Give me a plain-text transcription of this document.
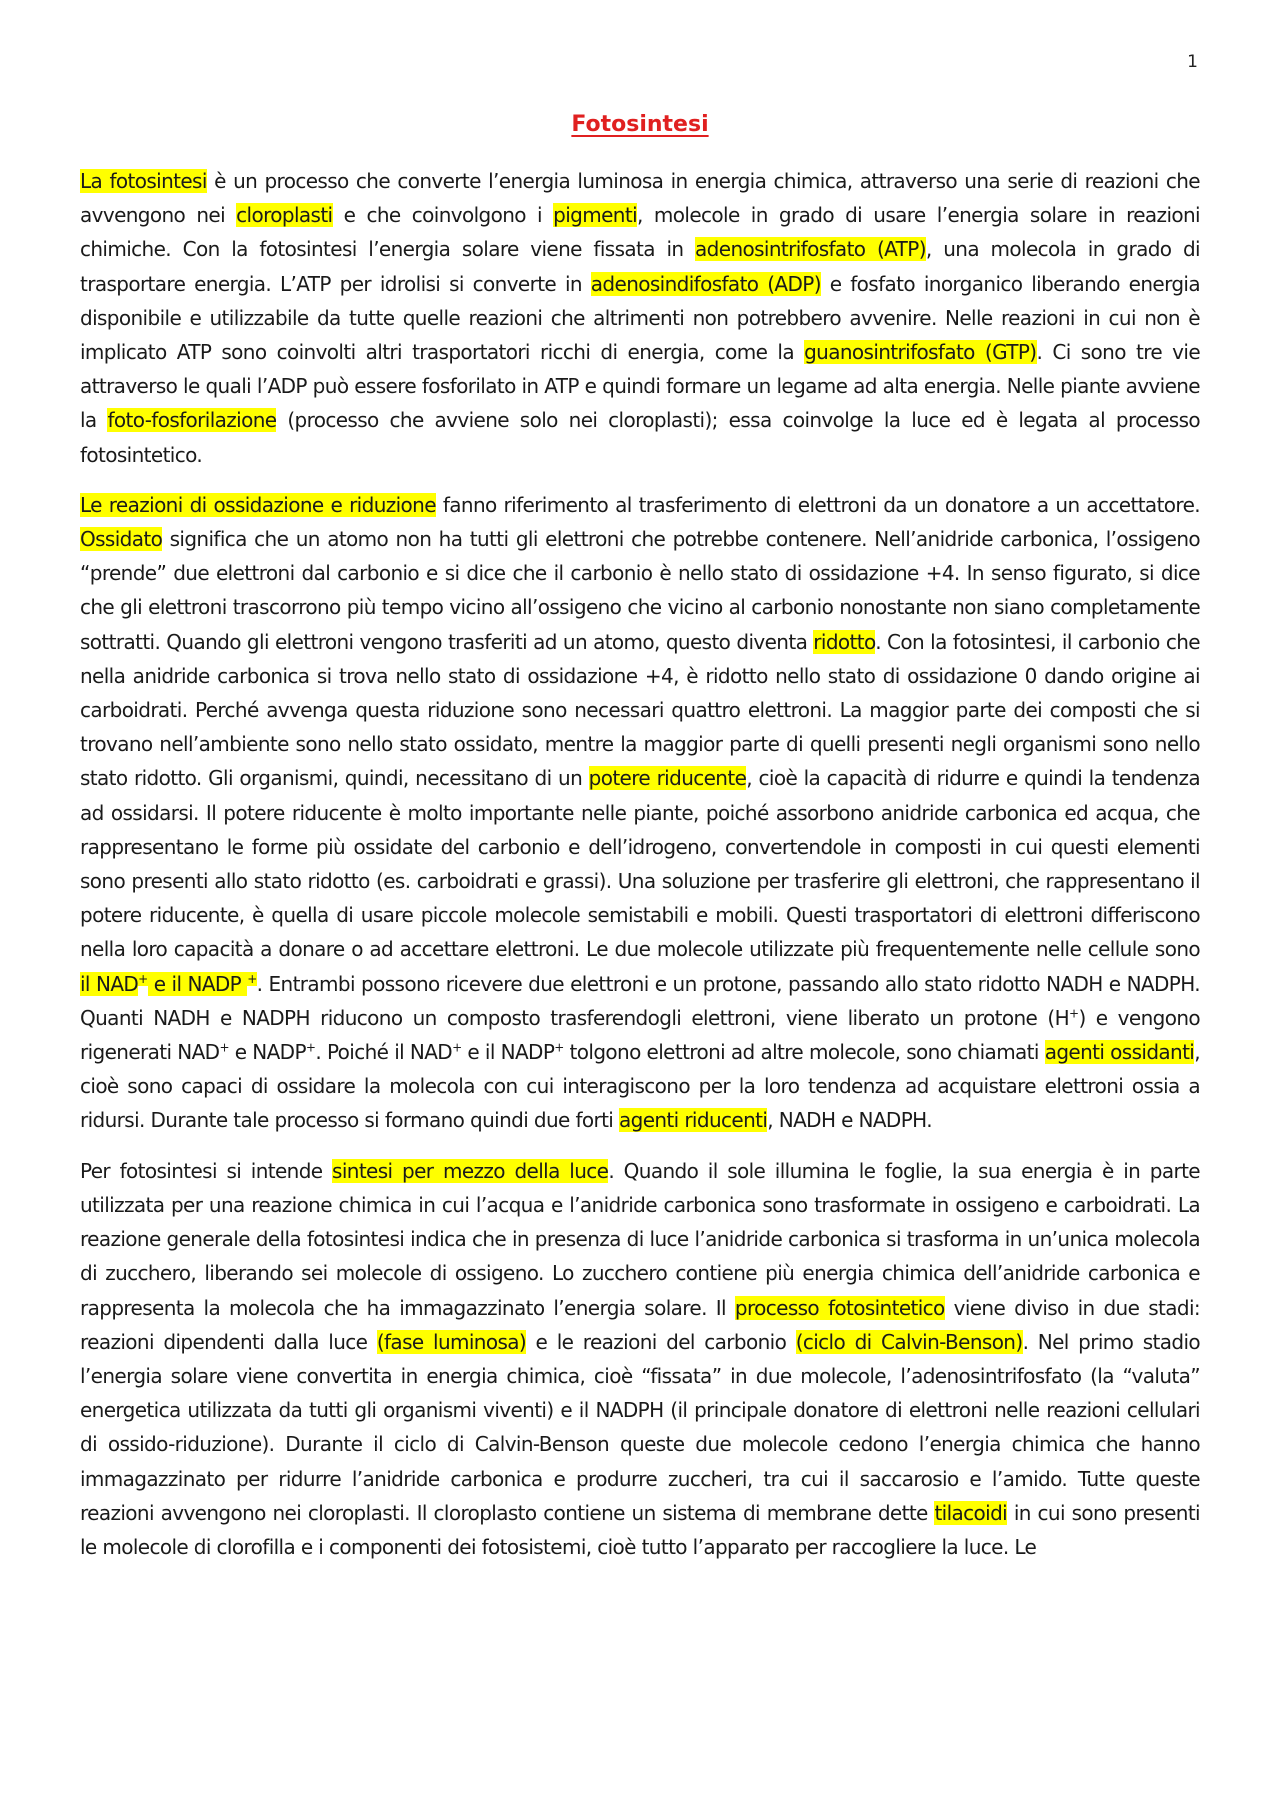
1
Fotosintesi

La fotosintesi è un processo che converte l’energia luminosa in energia chimica, attraverso una serie di reazioni che avvengono nei cloroplasti e che coinvolgono i pigmenti, molecole in grado di usare l’energia solare in reazioni chimiche. Con la fotosintesi l’energia solare viene fissata in adenosintrifosfato (ATP), una molecola in grado di trasportare energia. L’ATP per idrolisi si converte in adenosindifosfato (ADP) e fosfato inorganico liberando energia disponibile e utilizzabile da tutte quelle reazioni che altrimenti non potrebbero avvenire. Nelle reazioni in cui non è implicato ATP sono coinvolti altri trasportatori ricchi di energia, come la guanosintrifosfato (GTP). Ci sono tre vie attraverso le quali l’ADP può essere fosforilato in ATP e quindi formare un legame ad alta energia. Nelle piante avviene la foto-fosforilazione (processo che avviene solo nei cloroplasti); essa coinvolge la luce ed è legata al processo fotosintetico.

Le reazioni di ossidazione e riduzione fanno riferimento al trasferimento di elettroni da un donatore a un accettatore. Ossidato significa che un atomo non ha tutti gli elettroni che potrebbe contenere. Nell’anidride carbonica, l’ossigeno “prende” due elettroni dal carbonio e si dice che il carbonio è nello stato di ossidazione +4. In senso figurato, si dice che gli elettroni trascorrono più tempo vicino all’ossigeno che vicino al carbonio nonostante non siano completamente sottratti. Quando gli elettroni vengono trasferiti ad un atomo, questo diventa ridotto. Con la fotosintesi, il carbonio che nella anidride carbonica si trova nello stato di ossidazione +4, è ridotto nello stato di ossidazione 0 dando origine ai carboidrati. Perché avvenga questa riduzione sono necessari quattro elettroni. La maggior parte dei composti che si trovano nell’ambiente sono nello stato ossidato, mentre la maggior parte di quelli presenti negli organismi sono nello stato ridotto. Gli organismi, quindi, necessitano di un potere riducente, cioè la capacità di ridurre e quindi la tendenza ad ossidarsi. Il potere riducente è molto importante nelle piante, poiché assorbono anidride carbonica ed acqua, che rappresentano le forme più ossidate del carbonio e dell’idrogeno, convertendole in composti in cui questi elementi sono presenti allo stato ridotto (es. carboidrati e grassi). Una soluzione per trasferire gli elettroni, che rappresentano il potere riducente, è quella di usare piccole molecole semistabili e mobili. Questi trasportatori di elettroni differiscono nella loro capacità a donare o ad accettare elettroni. Le due molecole utilizzate più frequentemente nelle cellule sono il NAD+ e il NADP +. Entrambi possono ricevere due elettroni e un protone, passando allo stato ridotto NADH e NADPH. Quanti NADH e NADPH riducono un composto trasferendogli elettroni, viene liberato un protone (H+) e vengono rigenerati NAD+ e NADP+. Poiché il NAD+ e il NADP+ tolgono elettroni ad altre molecole, sono chiamati agenti ossidanti, cioè sono capaci di ossidare la molecola con cui interagiscono per la loro tendenza ad acquistare elettroni ossia a ridursi. Durante tale processo si formano quindi due forti agenti riducenti, NADH e NADPH.

Per fotosintesi si intende sintesi per mezzo della luce. Quando il sole illumina le foglie, la sua energia è in parte utilizzata per una reazione chimica in cui l’acqua e l’anidride carbonica sono trasformate in ossigeno e carboidrati. La reazione generale della fotosintesi indica che in presenza di luce l’anidride carbonica si trasforma in un’unica molecola di zucchero, liberando sei molecole di ossigeno. Lo zucchero contiene più energia chimica dell’anidride carbonica e rappresenta la molecola che ha immagazzinato l’energia solare. Il processo fotosintetico viene diviso in due stadi: reazioni dipendenti dalla luce (fase luminosa) e le reazioni del carbonio (ciclo di Calvin-Benson). Nel primo stadio l’energia solare viene convertita in energia chimica, cioè “fissata” in due molecole, l’adenosintrifosfato (la “valuta” energetica utilizzata da tutti gli organismi viventi) e il NADPH (il principale donatore di elettroni nelle reazioni cellulari di ossido-riduzione). Durante il ciclo di Calvin-Benson queste due molecole cedono l’energia chimica che hanno immagazzinato per ridurre l’anidride carbonica e produrre zuccheri, tra cui il saccarosio e l’amido. Tutte queste reazioni avvengono nei cloroplasti. Il cloroplasto contiene un sistema di membrane dette tilacoidi in cui sono presenti le molecole di clorofilla e i componenti dei fotosistemi, cioè tutto l’apparato per raccogliere la luce. Le
